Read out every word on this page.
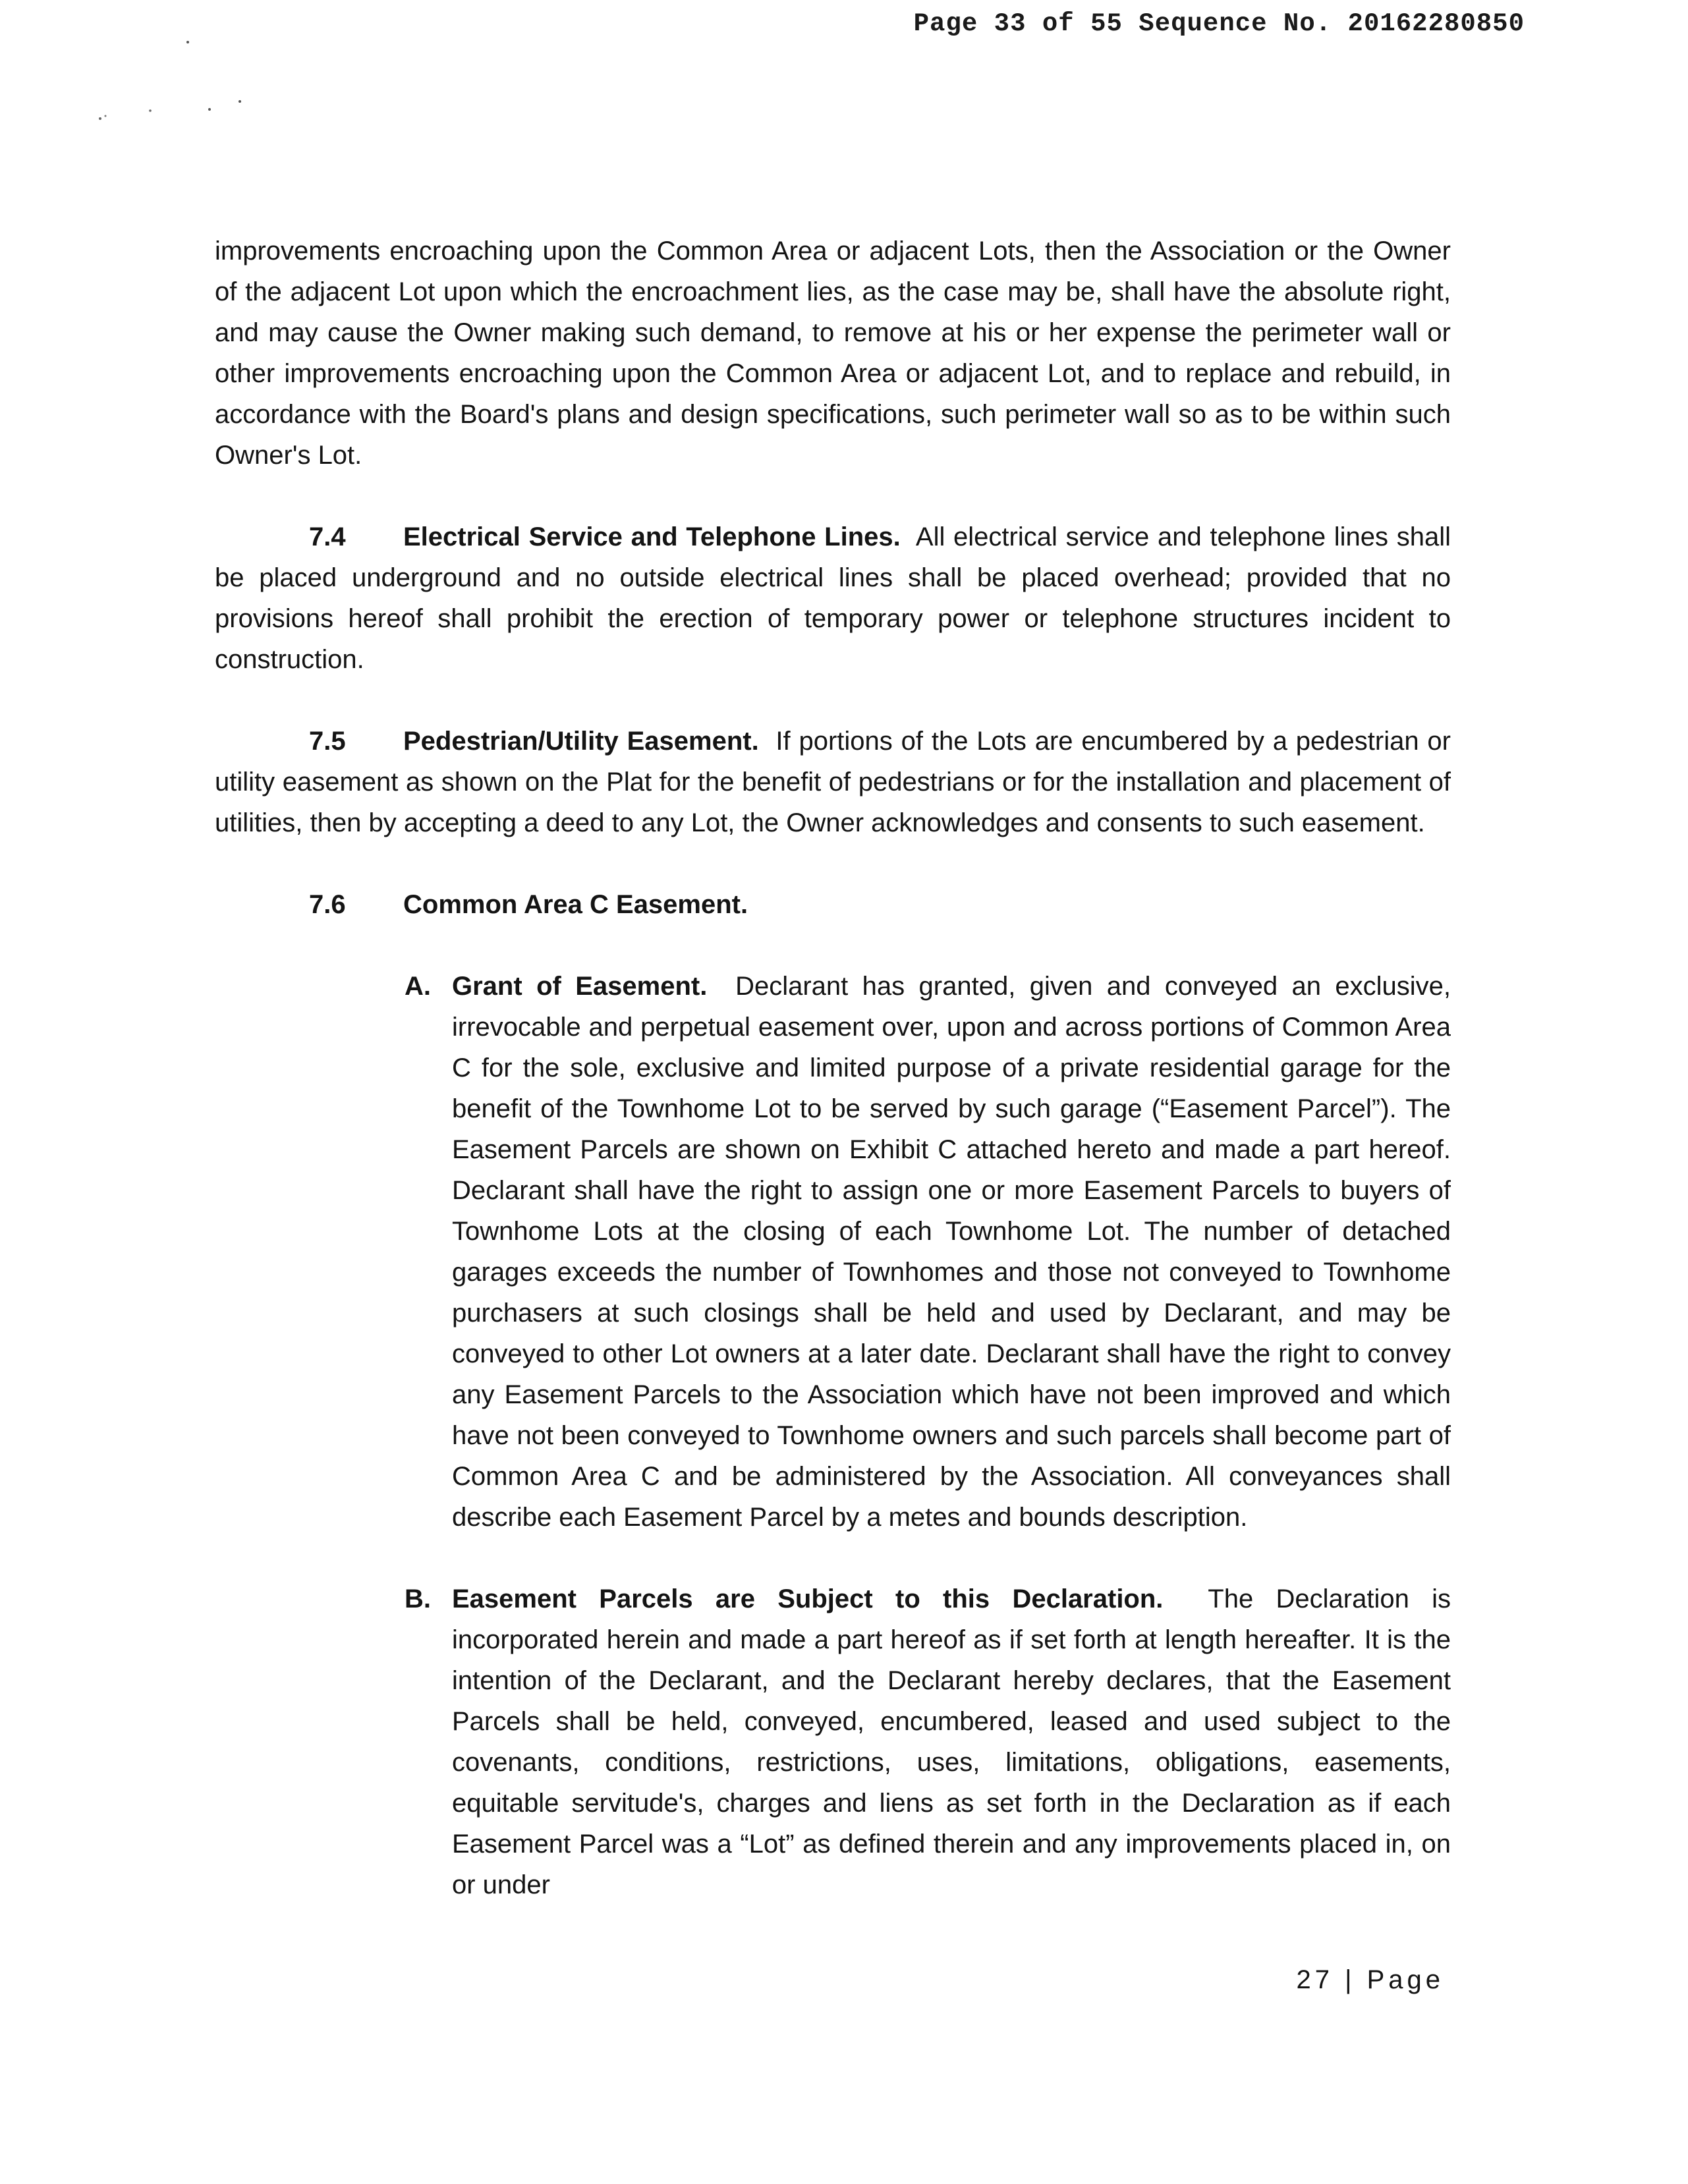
Page 33 of 55 Sequence No. 20162280850

improvements encroaching upon the Common Area or adjacent Lots, then the Association or the Owner of the adjacent Lot upon which the encroachment lies, as the case may be, shall have the absolute right, and may cause the Owner making such demand, to remove at his or her expense the perimeter wall or other improvements encroaching upon the Common Area or adjacent Lot, and to replace and rebuild, in accordance with the Board's plans and design specifications, such perimeter wall so as to be within such Owner's Lot.

7.4 Electrical Service and Telephone Lines. All electrical service and telephone lines shall be placed underground and no outside electrical lines shall be placed overhead; provided that no provisions hereof shall prohibit the erection of temporary power or telephone structures incident to construction.

7.5 Pedestrian/Utility Easement. If portions of the Lots are encumbered by a pedestrian or utility easement as shown on the Plat for the benefit of pedestrians or for the installation and placement of utilities, then by accepting a deed to any Lot, the Owner acknowledges and consents to such easement.

7.6 Common Area C Easement.

A. Grant of Easement. Declarant has granted, given and conveyed an exclusive, irrevocable and perpetual easement over, upon and across portions of Common Area C for the sole, exclusive and limited purpose of a private residential garage for the benefit of the Townhome Lot to be served by such garage (“Easement Parcel”). The Easement Parcels are shown on Exhibit C attached hereto and made a part hereof. Declarant shall have the right to assign one or more Easement Parcels to buyers of Townhome Lots at the closing of each Townhome Lot. The number of detached garages exceeds the number of Townhomes and those not conveyed to Townhome purchasers at such closings shall be held and used by Declarant, and may be conveyed to other Lot owners at a later date. Declarant shall have the right to convey any Easement Parcels to the Association which have not been improved and which have not been conveyed to Townhome owners and such parcels shall become part of Common Area C and be administered by the Association. All conveyances shall describe each Easement Parcel by a metes and bounds description.

B. Easement Parcels are Subject to this Declaration. The Declaration is incorporated herein and made a part hereof as if set forth at length hereafter. It is the intention of the Declarant, and the Declarant hereby declares, that the Easement Parcels shall be held, conveyed, encumbered, leased and used subject to the covenants, conditions, restrictions, uses, limitations, obligations, easements, equitable servitude's, charges and liens as set forth in the Declaration as if each Easement Parcel was a “Lot” as defined therein and any improvements placed in, on or under

27 | Page
